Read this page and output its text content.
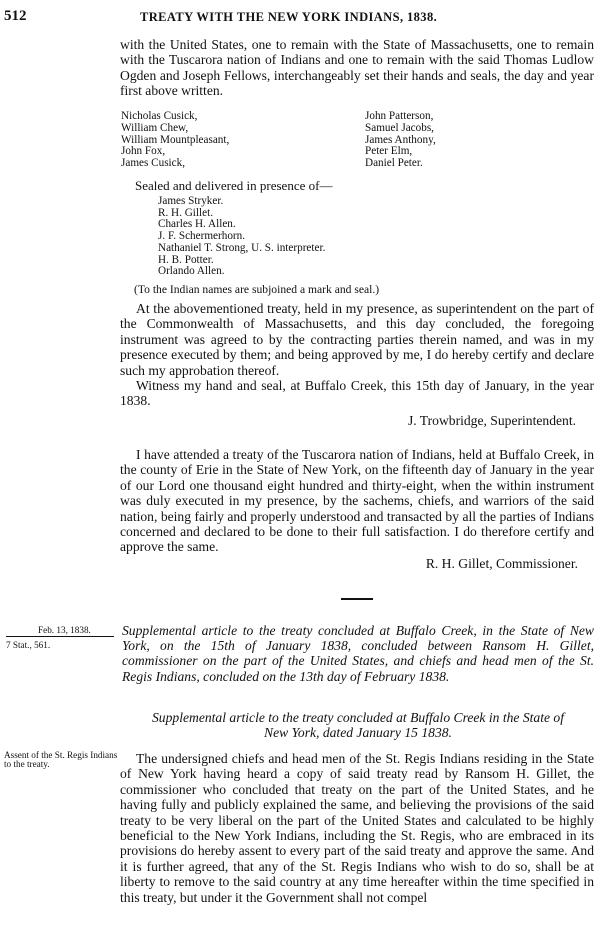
512	TREATY WITH THE NEW YORK INDIANS, 1838.

with the United States, one to remain with the State of Massachusetts, one to remain with the Tuscarora nation of Indians and one to remain with the said Thomas Ludlow Ogden and Joseph Fellows, interchangeably set their hands and seals, the day and year first above written.

Nicholas Cusick,
William Chew,
William Mountpleasant,
John Fox,
James Cusick,
John Patterson,
Samuel Jacobs,
James Anthony,
Peter Elm,
Daniel Peter.
Sealed and delivered in presence of—
James Stryker.
R. H. Gillet.
Charles H. Allen.
J. F. Schermerhorn.
Nathaniel T. Strong, U. S. interpreter.
H. B. Potter.
Orlando Allen.
(To the Indian names are subjoined a mark and seal.)

At the abovementioned treaty, held in my presence, as superintendent on the part of the Commonwealth of Massachusetts, and this day concluded, the foregoing instrument was agreed to by the contracting parties therein named, and was in my presence executed by them; and being approved by me, I do hereby certify and declare such my approbation thereof.

Witness my hand and seal, at Buffalo Creek, this 15th day of January, in the year 1838.

J. Trowbridge, Superintendent.

I have attended a treaty of the Tuscarora nation of Indians, held at Buffalo Creek, in the county of Erie in the State of New York, on the fifteenth day of January in the year of our Lord one thousand eight hundred and thirty-eight, when the within instrument was duly executed in my presence, by the sachems, chiefs, and warriors of the said nation, being fairly and properly understood and transacted by all the parties of Indians concerned and declared to be done to their full satisfaction. I do therefore certify and approve the same.

R. H. Gillet, Commissioner.

Feb. 13, 1838.
7 Stat., 561.
Supplemental article to the treaty concluded at Buffalo Creek, in the State of New York, on the 15th of January 1838, concluded between Ransom H. Gillet, commissioner on the part of the United States, and chiefs and head men of the St. Regis Indians, concluded on the 13th day of February 1838.
Supplemental article to the treaty concluded at Buffalo Creek in the State of New York, dated January 15 1838.
Assent of the St. Regis Indians to the treaty.	The undersigned chiefs and head men of the St. Regis Indians residing in the State of New York having heard a copy of said treaty read by Ransom H. Gillet, the commissioner who concluded that treaty on the part of the United States, and he having fully and publicly explained the same, and believing the provisions of the said treaty to be very liberal on the part of the United States and calculated to be highly beneficial to the New York Indians, including the St. Regis, who are embraced in its provisions do hereby assent to every part of the said treaty and approve the same. And it is further agreed, that any of the St. Regis Indians who wish to do so, shall be at liberty to remove to the said country at any time hereafter within the time specified in this treaty, but under it the Government shall not compel
